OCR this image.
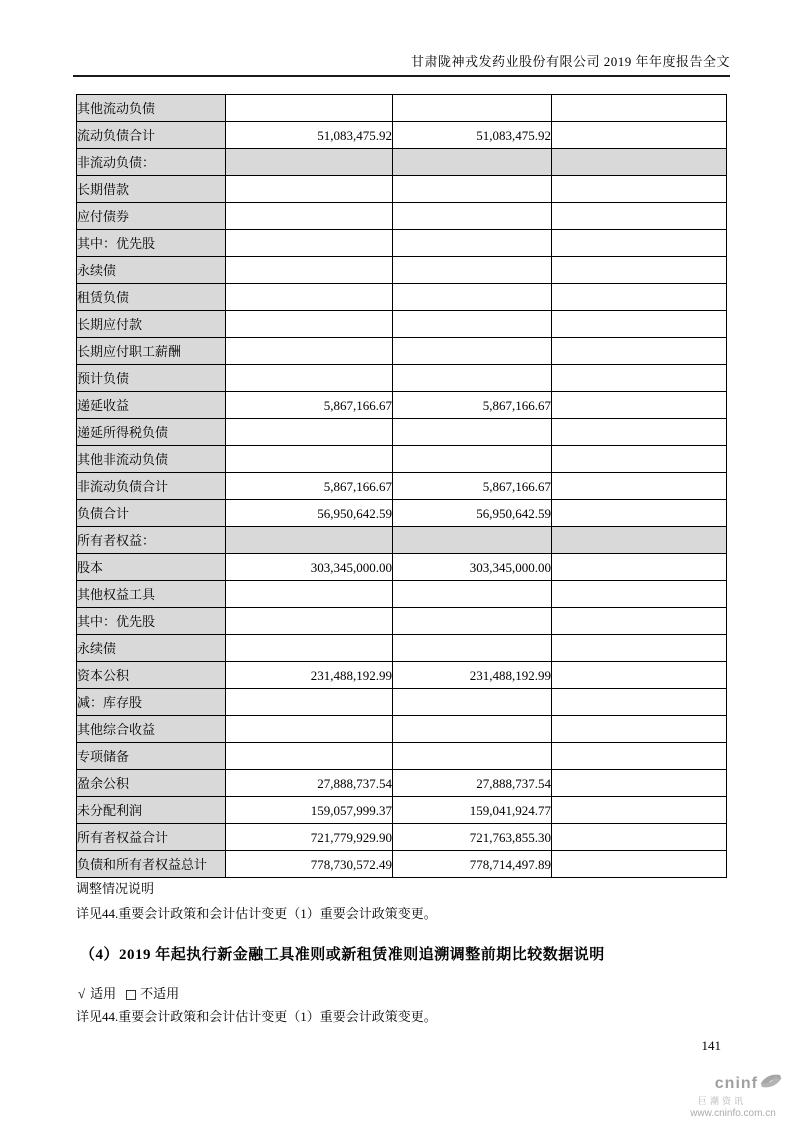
甘肃陇神戎发药业股份有限公司 2019 年年度报告全文
其他流动负债			
流动负债合计	51,083,475.92	51,083,475.92	
非流动负债：			
长期借款			
应付债券			
其中：优先股			
永续债			
租赁负债			
长期应付款			
长期应付职工薪酬			
预计负债			
递延收益	5,867,166.67	5,867,166.67	
递延所得税负债			
其他非流动负债			
非流动负债合计	5,867,166.67	5,867,166.67	
负债合计	56,950,642.59	56,950,642.59	
所有者权益：			
股本	303,345,000.00	303,345,000.00	
其他权益工具			
其中：优先股			
永续债			
资本公积	231,488,192.99	231,488,192.99	
减：库存股			
其他综合收益			
专项储备			
盈余公积	27,888,737.54	27,888,737.54	
未分配利润	159,057,999.37	159,041,924.77	
所有者权益合计	721,779,929.90	721,763,855.30	
负债和所有者权益总计	778,730,572.49	778,714,497.89	
调整情况说明
详见44.重要会计政策和会计估计变更（1）重要会计政策变更。
（4）2019 年起执行新金融工具准则或新租赁准则追溯调整前期比较数据说明
√ 适用 不适用
详见44.重要会计政策和会计估计变更（1）重要会计政策变更。
141
cninf
巨潮资讯
www.cninfo.com.cn
